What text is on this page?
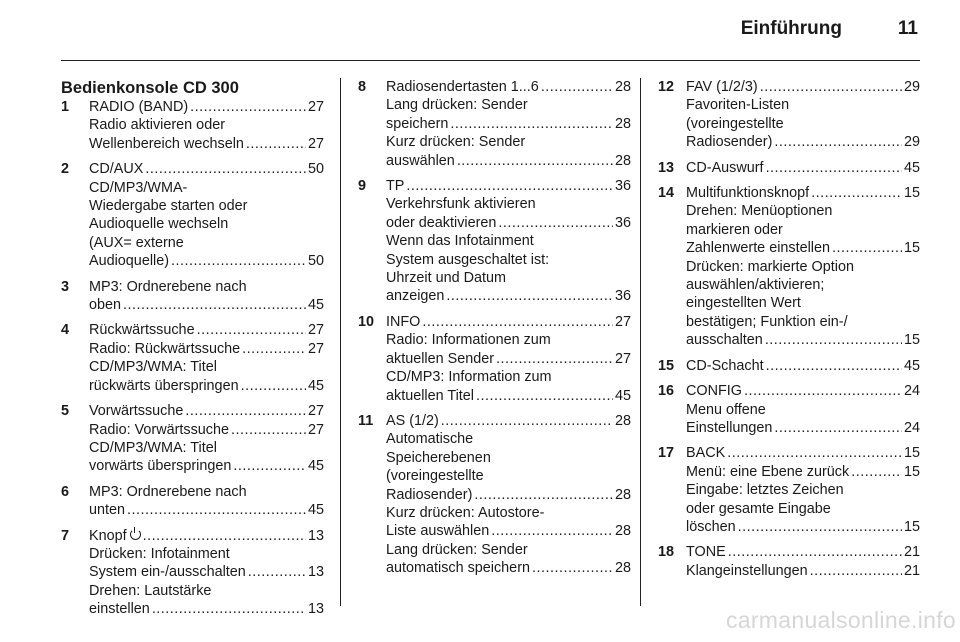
Einführung	11
Bedienkonsole CD 300
1 RADIO (BAND) .....	27
Radio aktivieren oder
Wellenbereich wechseln .....	27
2 CD/AUX .....	50
CD/MP3/WMA-
Wiedergabe starten oder
Audioquelle wechseln
(AUX= externe
Audioquelle) .....	50
3 MP3: Ordnerebene nach
oben .....	45
4 Rückwärtssuche .....	27
Radio: Rückwärtssuche .....	27
CD/MP3/WMA: Titel
rückwärts überspringen .....	45
5 Vorwärtssuche .....	27
Radio: Vorwärtssuche .....	27
CD/MP3/WMA: Titel
vorwärts überspringen .....	45
6 MP3: Ordnerebene nach
unten .....	45
7 Knopf .....	13
Drücken: Infotainment
System ein-/ausschalten .....	13
Drehen: Lautstärke
einstellen .....	13
8 Radiosendertasten 1...6 .....	28
Lang drücken: Sender
speichern .....	28
Kurz drücken: Sender
auswählen .....	28
9 TP .....	36
Verkehrsfunk aktivieren
oder deaktivieren .....	36
Wenn das Infotainment
System ausgeschaltet ist:
Uhrzeit und Datum
anzeigen .....	36
10 INFO .....	27
Radio: Informationen zum
aktuellen Sender .....	27
CD/MP3: Information zum
aktuellen Titel .....	45
11 AS (1/2) .....	28
Automatische
Speicherebenen
(voreingestellte
Radiosender) .....	28
Kurz drücken: Autostore-
Liste auswählen .....	28
Lang drücken: Sender
automatisch speichern .....	28
12 FAV (1/2/3) .....	29
Favoriten-Listen
(voreingestellte
Radiosender) .....	29
13 CD-Auswurf .....	45
14 Multifunktionsknopf .....	15
Drehen: Menüoptionen
markieren oder
Zahlenwerte einstellen .....	15
Drücken: markierte Option
auswählen/aktivieren;
eingestellten Wert
bestätigen; Funktion ein-/
ausschalten .....	15
15 CD-Schacht .....	45
16 CONFIG .....	24
Menu offene
Einstellungen .....	24
17 BACK .....	15
Menü: eine Ebene zurück .....	15
Eingabe: letztes Zeichen
oder gesamte Eingabe
löschen .....	15
18 TONE .....	21
Klangeinstellungen .....	21
carmanualsonline.info
